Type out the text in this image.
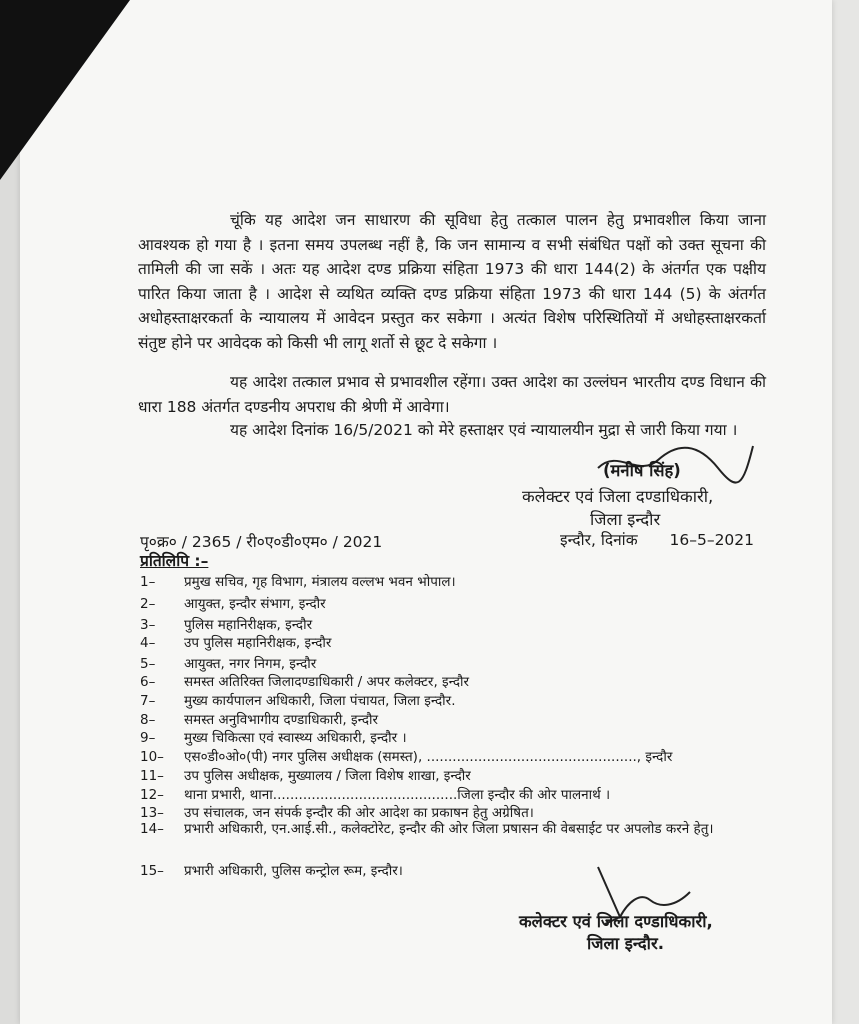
चूंकि यह आदेश जन साधारण की सूविधा हेतु तत्काल पालन हेतु प्रभावशील किया जाना आवश्यक हो गया है । इतना समय उपलब्ध नहीं है, कि जन सामान्य व सभी संबंधित पक्षों को उक्त सूचना की तामिली की जा सकें । अतः यह आदेश दण्ड प्रक्रिया संहिता 1973 की धारा 144(2) के अंतर्गत एक पक्षीय पारित किया जाता है । आदेश से व्यथित व्यक्ति दण्ड प्रक्रिया संहिता 1973 की धारा 144 (5) के अंतर्गत अधोहस्ताक्षरकर्ता के न्यायालय में आवेदन प्रस्तुत कर सकेगा । अत्यंत विशेष परिस्थितियों में अधोहस्ताक्षरकर्ता संतुष्ट होने पर आवेदक को किसी भी लागू शर्तो से छूट दे सकेगा ।

यह आदेश तत्काल प्रभाव से प्रभावशील रहेंगा। उक्त आदेश का उल्लंघन भारतीय दण्ड विधान की धारा 188 अंतर्गत दण्डनीय अपराध की श्रेणी में आवेगा।

यह आदेश दिनांक 16/5/2021 को मेरे हस्ताक्षर एवं न्यायालयीन मुद्रा से जारी किया गया ।

(मनीष सिंह)
कलेक्टर एवं जिला दण्डाधिकारी,
जिला इन्दौर
पृ०क्र० / 2365 / री०ए०डी०एम० / 2021	इन्दौर, दिनांक 16–5–2021
प्रतिलिपि :–
1– प्रमुख सचिव, गृह विभाग, मंत्रालय वल्लभ भवन भोपाल।
2– आयुक्त, इन्दौर संभाग, इन्दौर
3– पुलिस महानिरीक्षक, इन्दौर
4– उप पुलिस महानिरीक्षक, इन्दौर
5– आयुक्त, नगर निगम, इन्दौर
6– समस्त अतिरिक्त जिलादण्डाधिकारी / अपर कलेक्टर, इन्दौर
7– मुख्य कार्यपालन अधिकारी, जिला पंचायत, जिला इन्दौर.
8– समस्त अनुविभागीय दण्डाधिकारी, इन्दौर
9– मुख्य चिकित्सा एवं स्वास्थ्य अधिकारी, इन्दौर ।
10– एस०डी०ओ०(पी) नगर पुलिस अधीक्षक (समस्त), ................................................., इन्दौर
11– उप पुलिस अधीक्षक, मुख्यालय / जिला विशेष शाखा, इन्दौर
12– थाना प्रभारी, थाना...........................................जिला इन्दौर की ओर पालनार्थ ।
13– उप संचालक, जन संपर्क इन्दौर की ओर आदेश का प्रकाषन हेतु अग्रेषित।
14– प्रभारी अधिकारी, एन.आई.सी., कलेक्टोरेट, इन्दौर की ओर जिला प्रषासन की वेबसाईट पर अपलोड करने हेतु।
15– प्रभारी अधिकारी, पुलिस कन्ट्रोल रूम, इन्दौर।
कलेक्टर एवं जिला दण्डाधिकारी,
जिला इन्दौर.
